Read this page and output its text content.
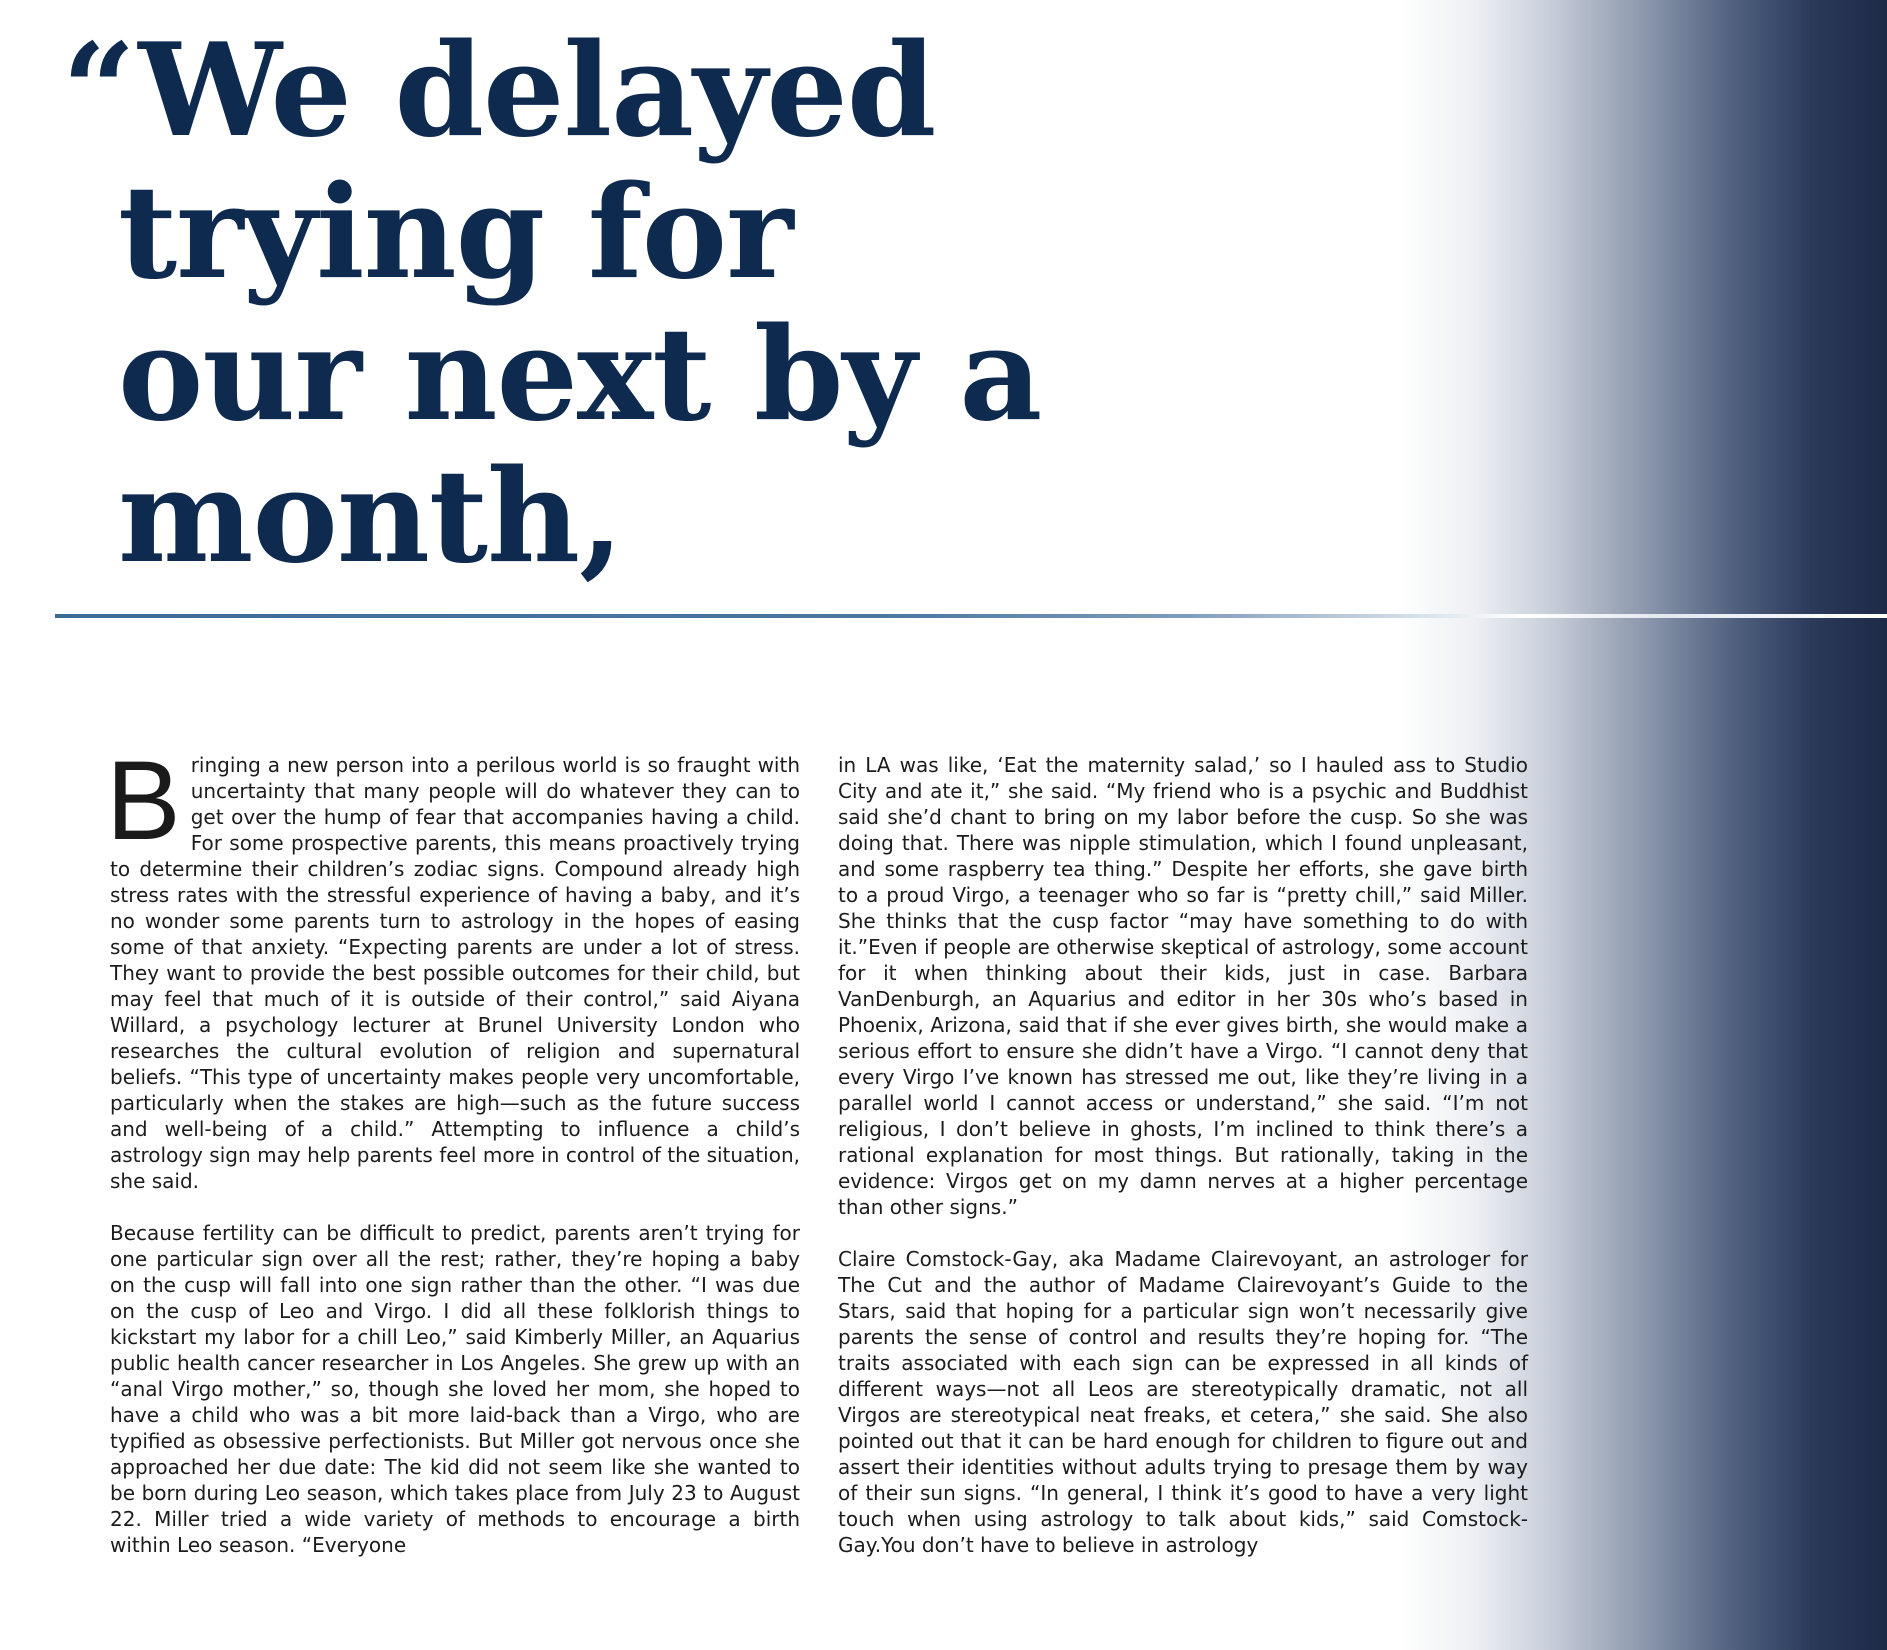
“We delayed
trying for
our next by a
month,

Bringing a new person into a perilous world is so fraught with uncertainty that many people will do whatever they can to get over the hump of fear that accompanies having a child. For some prospective parents, this means proactively trying to determine their children’s zodiac signs. Compound already high stress rates with the stressful experience of having a baby, and it’s no wonder some parents turn to astrology in the hopes of easing some of that anxiety. “Expecting parents are under a lot of stress. They want to provide the best possible outcomes for their child, but may feel that much of it is outside of their control,” said Aiyana Willard, a psychology lecturer at Brunel University London who researches the cultural evolution of religion and supernatural beliefs. “This type of uncertainty makes people very uncomfortable, particularly when the stakes are high—such as the future success and well-being of a child.” Attempting to influence a child’s astrology sign may help parents feel more in control of the situation, she said.

Because fertility can be difficult to predict, parents aren’t trying for one particular sign over all the rest; rather, they’re hoping a baby on the cusp will fall into one sign rather than the other. “I was due on the cusp of Leo and Virgo. I did all these folklorish things to kickstart my labor for a chill Leo,” said Kimberly Miller, an Aquarius public health cancer researcher in Los Angeles. She grew up with an “anal Virgo mother,” so, though she loved her mom, she hoped to have a child who was a bit more laid-back than a Virgo, who are typified as obsessive perfectionists. But Miller got nervous once she approached her due date: The kid did not seem like she wanted to be born during Leo season, which takes place from July 23 to August 22. Miller tried a wide variety of methods to encourage a birth within Leo season. “Everyone

in LA was like, ‘Eat the maternity salad,’ so I hauled ass to Studio City and ate it,” she said. “My friend who is a psychic and Buddhist said she’d chant to bring on my labor before the cusp. So she was doing that. There was nipple stimulation, which I found unpleasant, and some raspberry tea thing.” Despite her efforts, she gave birth to a proud Virgo, a teenager who so far is “pretty chill,” said Miller. She thinks that the cusp factor “may have something to do with it.”Even if people are otherwise skeptical of astrology, some account for it when thinking about their kids, just in case. Barbara VanDenburgh, an Aquarius and editor in her 30s who’s based in Phoenix, Arizona, said that if she ever gives birth, she would make a serious effort to ensure she didn’t have a Virgo. “I cannot deny that every Virgo I’ve known has stressed me out, like they’re living in a parallel world I cannot access or understand,” she said. “I’m not religious, I don’t believe in ghosts, I’m inclined to think there’s a rational explanation for most things. But rationally, taking in the evidence: Virgos get on my damn nerves at a higher percentage than other signs.”

Claire Comstock-Gay, aka Madame Clairevoyant, an astrologer for The Cut and the author of Madame Clairevoyant’s Guide to the Stars, said that hoping for a particular sign won’t necessarily give parents the sense of control and results they’re hoping for. “The traits associated with each sign can be expressed in all kinds of different ways—not all Leos are stereotypically dramatic, not all Virgos are stereotypical neat freaks, et cetera,” she said. She also pointed out that it can be hard enough for children to figure out and assert their identities without adults trying to presage them by way of their sun signs. “In general, I think it’s good to have a very light touch when using astrology to talk about kids,” said Comstock-Gay.You don’t have to believe in astrology
